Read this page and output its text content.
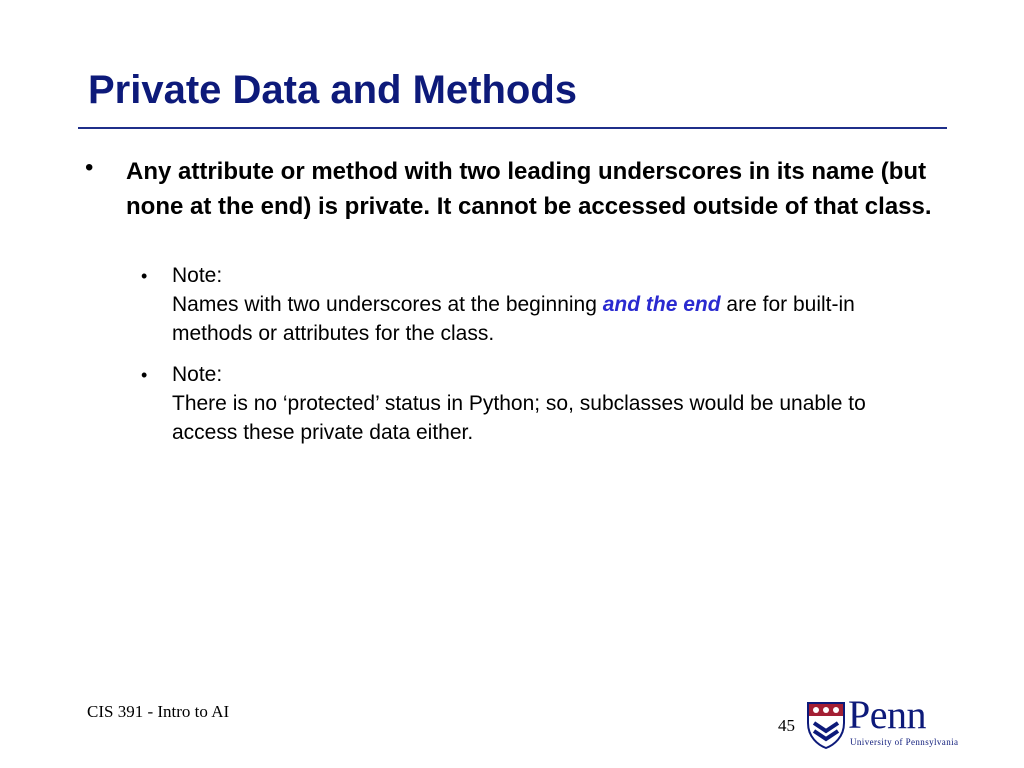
Private Data and Methods
• Any attribute or method with two leading underscores in its name (but none at the end) is private. It cannot be accessed outside of that class.
• Note:
Names with two underscores at the beginning and the end are for built-in methods or attributes for the class.
• Note:
There is no ‘protected’ status in Python; so, subclasses would be unable to access these private data either.
CIS 391 - Intro to AI
45 Penn
University of Pennsylvania
